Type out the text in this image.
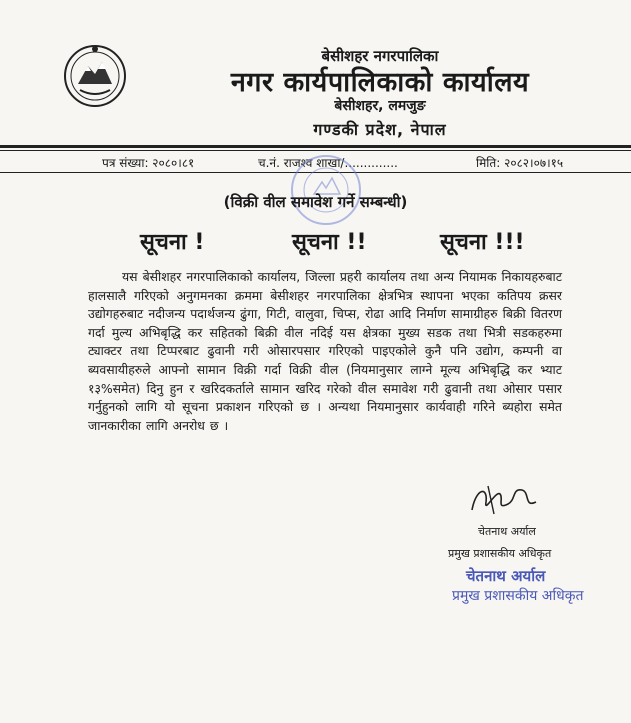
बेसीशहर नगरपालिका
नगर कार्यपालिकाको कार्यालय
बेसीशहर, लमजुङ
गण्डकी प्रदेश, नेपाल
पत्र संख्या: २०८०।८१	च.नं. राजश्व शाखा/..............	मिति: २०८२।०७।१५
(विक्री वील समावेश गर्ने सम्बन्धी)
सूचना !	सूचना !!	सूचना !!!
यस बेसीशहर नगरपालिकाको कार्यालय, जिल्ला प्रहरी कार्यालय तथा अन्य नियामक निकायहरुबाट हालसालै गरिएको अनुगमनका क्रममा बेसीशहर नगरपालिका क्षेत्रभित्र स्थापना भएका कतिपय क्रसर उद्योगहरुबाट नदीजन्य पदार्थजन्य ढुंगा, गिटी, वालुवा, चिप्स, रोढा आदि निर्माण सामाग्रीहरु बिक्री वितरण गर्दा मुल्य अभिबृद्धि कर सहितको बिक्री वील नदिई यस क्षेत्रका मुख्य सडक तथा भित्री सडकहरुमा ट्याक्टर तथा टिप्परबाट ढुवानी गरी ओसारपसार गरिएको पाइएकोले कुनै पनि उद्योग, कम्पनी वा ब्यवसायीहरुले आफ्नो सामान विक्री गर्दा विक्री वील (नियमानुसार लाग्ने मूल्य अभिबृद्धि कर भ्याट १३%समेत) दिनु हुन र खरिदकर्ताले सामान खरिद गरेको वील समावेश गरी ढुवानी तथा ओसार पसार गर्नुहुनको लागि यो सूचना प्रकाशन गरिएको छ । अन्यथा नियमानुसार कार्यवाही गरिने ब्यहोरा समेत जानकारीका लागि अनरोध छ ।
चेतनाथ अर्याल
प्रमुख प्रशासकीय अधिकृत
चेतनाथ अर्याल
प्रमुख प्रशासकीय अधिकृत
